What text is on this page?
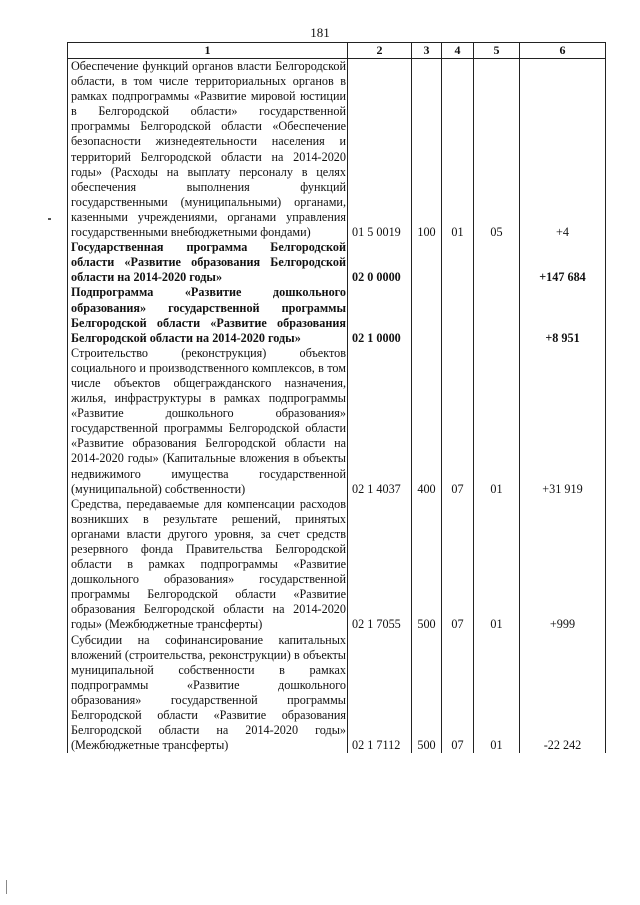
181
1	2	3	4	5	6
Обеспечение функций органов власти Белгородской области, в том числе территориальных органов в рамках подпрограммы «Развитие мировой юстиции в Белгородской области» государственной программы Белгородской области «Обеспечение безопасности жизнедеятельности населения и территорий Белгородской области на 2014-2020 годы» (Расходы на выплату персоналу в целях обеспечения выполнения функций государственными (муниципальными) органами, казенными учреждениями, органами управления государственными внебюджетными фондами)	01 5 0019	100	01	05	+4
Государственная программа Белгородской области «Развитие образования Белгородской области на 2014-2020 годы»	02 0 0000				+147 684
Подпрограмма «Развитие дошкольного образования» государственной программы Белгородской области «Развитие образования Белгородской области на 2014-2020 годы»	02 1 0000				+8 951
Строительство (реконструкция) объектов социального и производственного комплексов, в том числе объектов общегражданского назначения, жилья, инфраструктуры в рамках подпрограммы «Развитие дошкольного образования» государственной программы Белгородской области «Развитие образования Белгородской области на 2014-2020 годы» (Капитальные вложения в объекты недвижимого имущества государственной (муниципальной) собственности)	02 1 4037	400	07	01	+31 919
Средства, передаваемые для компенсации расходов возникших в результате решений, принятых органами власти другого уровня, за счет средств резервного фонда Правительства Белгородской области в рамках подпрограммы «Развитие дошкольного образования» государственной программы Белгородской области «Развитие образования Белгородской области на 2014-2020 годы» (Межбюджетные трансферты)	02 1 7055	500	07	01	+999
Субсидии на софинансирование капитальных вложений (строительства, реконструкции) в объекты муниципальной собственности в рамках подпрограммы «Развитие дошкольного образования» государственной программы Белгородской области «Развитие образования Белгородской области на 2014-2020 годы» (Межбюджетные трансферты)	02 1 7112	500	07	01	-22 242
